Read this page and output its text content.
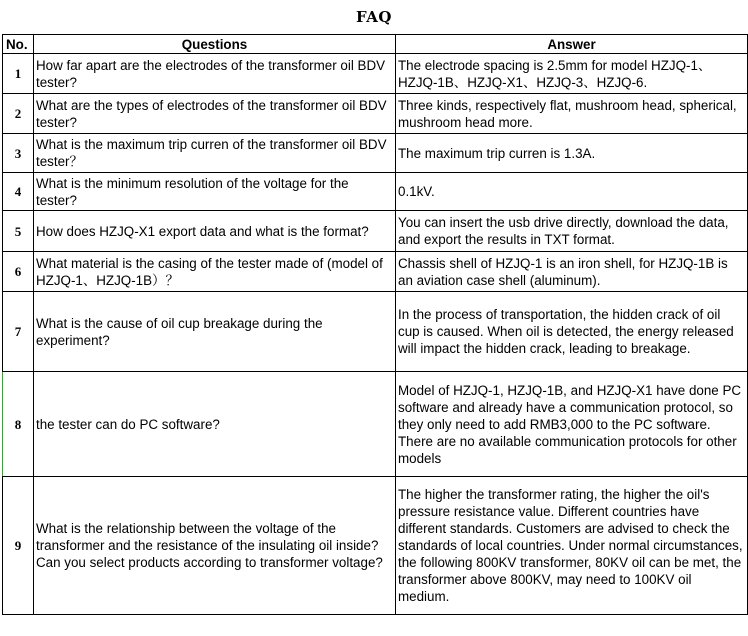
FAQ
No.	Questions	Answer
1	How far apart are the electrodes of the transformer oil BDV tester?	The electrode spacing is 2.5mm for model HZJQ-1、HZJQ-1B、HZJQ-X1、HZJQ-3、HZJQ-6.
2	What are the types of electrodes of the transformer oil BDV tester?	Three kinds, respectively flat, mushroom head, spherical, mushroom head more.
3	What is the maximum trip curren of the transformer oil BDV tester？	The maximum trip curren is 1.3A.
4	What is the minimum resolution of the voltage for the tester?	0.1kV.
5	How does HZJQ-X1 export data and what is the format?	You can insert the usb drive directly, download the data, and export the results in TXT format.
6	What material is the casing of the tester made of (model of HZJQ-1、HZJQ-1B）？	Chassis shell of HZJQ-1 is an iron shell, for HZJQ-1B is an aviation case shell (aluminum).
7	What is the cause of oil cup breakage during the experiment?	In the process of transportation, the hidden crack of oil cup is caused. When oil is detected, the energy released will impact the hidden crack, leading to breakage.
8	the tester can do PC software?	Model of HZJQ-1, HZJQ-1B, and HZJQ-X1 have done PC software and already have a communication protocol, so they only need to add RMB3,000 to the PC software. There are no available communication protocols for other models
9	What is the relationship between the voltage of the transformer and the resistance of the insulating oil inside? Can you select products according to transformer voltage?	The higher the transformer rating, the higher the oil's pressure resistance value. Different countries have different standards. Customers are advised to check the standards of local countries. Under normal circumstances, the following 800KV transformer, 80KV oil can be met, the transformer above 800KV, may need to 100KV oil medium.
